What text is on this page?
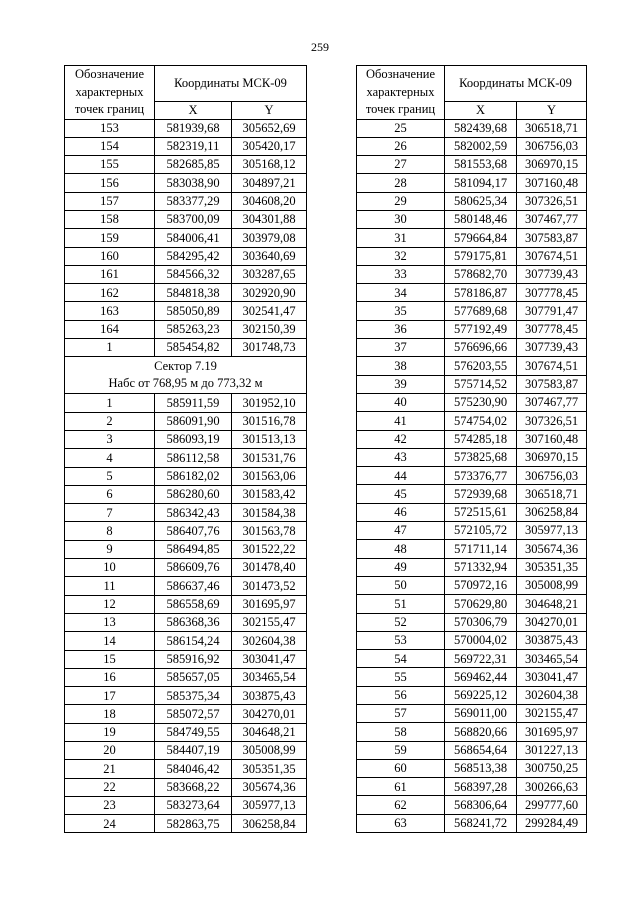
259
Обозначение характерных точек границ	Координаты МСК-09	

	X	Y
153	581939,68	305652,69
154	582319,11	305420,17
155	582685,85	305168,12
156	583038,90	304897,21
157	583377,29	304608,20
158	583700,09	304301,88
159	584006,41	303979,08
160	584295,42	303640,69
161	584566,32	303287,65
162	584818,38	302920,90
163	585050,89	302541,47
164	585263,23	302150,39
1	585454,82	301748,73
Сектор 7.19
Набс от 768,95 м до 773,32 м		
1	585911,59	301952,10
2	586091,90	301516,78
3	586093,19	301513,13
4	586112,58	301531,76
5	586182,02	301563,06
6	586280,60	301583,42
7	586342,43	301584,38
8	586407,76	301563,78
9	586494,85	301522,22
10	586609,76	301478,40
11	586637,46	301473,52
12	586558,69	301695,97
13	586368,36	302155,47
14	586154,24	302604,38
15	585916,92	303041,47
16	585657,05	303465,54
17	585375,34	303875,43
18	585072,57	304270,01
19	584749,55	304648,21
20	584407,19	305008,99
21	584046,42	305351,35
22	583668,22	305674,36
23	583273,64	305977,13
24	582863,75	306258,84
Обозначение характерных точек границ	Координаты МСК-09	

	X	Y
25	582439,68	306518,71
26	582002,59	306756,03
27	581553,68	306970,15
28	581094,17	307160,48
29	580625,34	307326,51
30	580148,46	307467,77
31	579664,84	307583,87
32	579175,81	307674,51
33	578682,70	307739,43
34	578186,87	307778,45
35	577689,68	307791,47
36	577192,49	307778,45
37	576696,66	307739,43
38	576203,55	307674,51
39	575714,52	307583,87
40	575230,90	307467,77
41	574754,02	307326,51
42	574285,18	307160,48
43	573825,68	306970,15
44	573376,77	306756,03
45	572939,68	306518,71
46	572515,61	306258,84
47	572105,72	305977,13
48	571711,14	305674,36
49	571332,94	305351,35
50	570972,16	305008,99
51	570629,80	304648,21
52	570306,79	304270,01
53	570004,02	303875,43
54	569722,31	303465,54
55	569462,44	303041,47
56	569225,12	302604,38
57	569011,00	302155,47
58	568820,66	301695,97
59	568654,64	301227,13
60	568513,38	300750,25
61	568397,28	300266,63
62	568306,64	299777,60
63	568241,72	299284,49
